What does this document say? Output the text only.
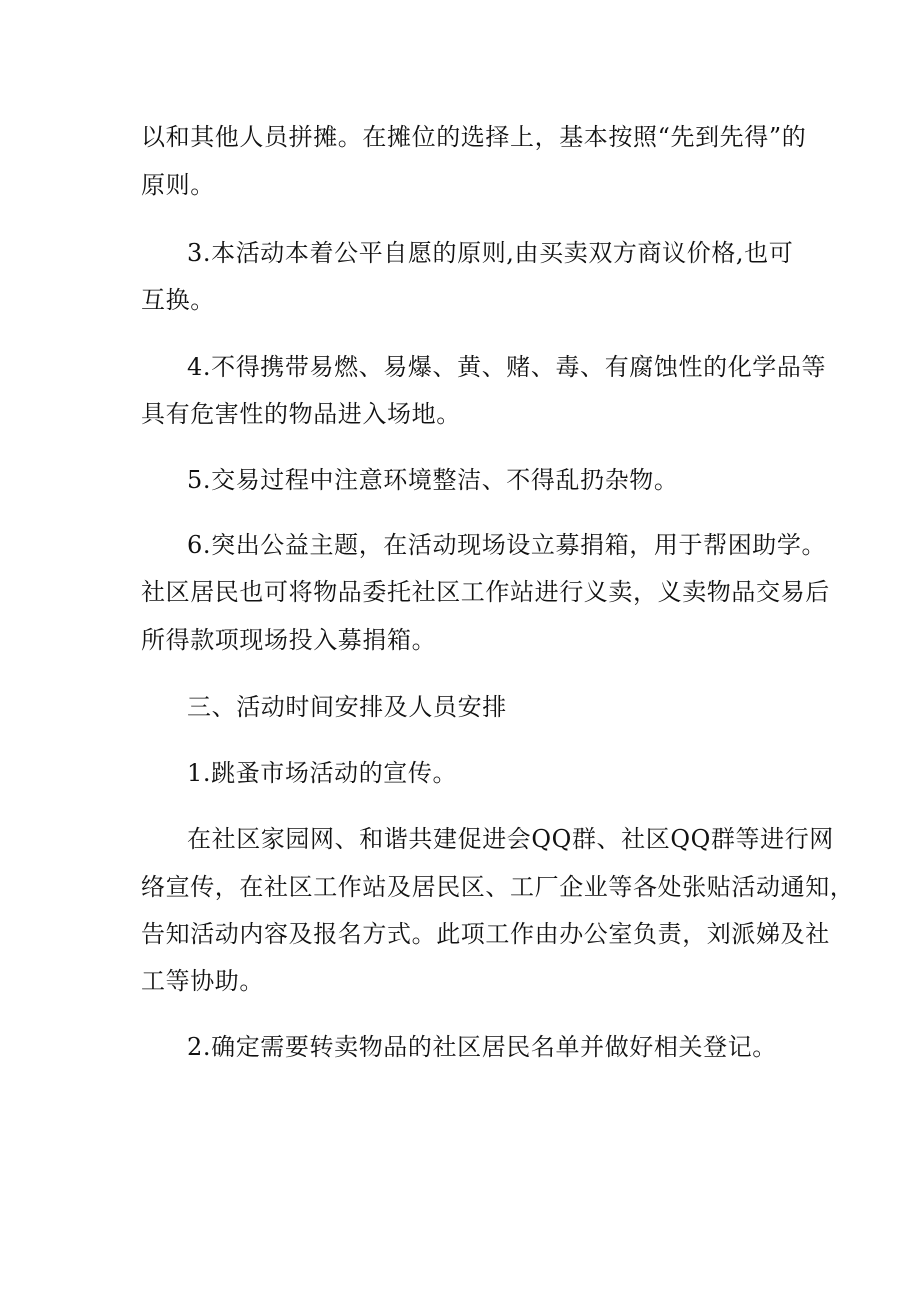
以和其他人员拼摊。在摊位的选择上，基本按照“先到先得”的
原则。
3.本活动本着公平自愿的原则,由买卖双方商议价格,也可
互换。
4.不得携带易燃、易爆、黄、赌、毒、有腐蚀性的化学品等
具有危害性的物品进入场地。
5.交易过程中注意环境整洁、不得乱扔杂物。
6.突出公益主题，在活动现场设立募捐箱，用于帮困助学。
社区居民也可将物品委托社区工作站进行义卖，义卖物品交易后
所得款项现场投入募捐箱。
三、活动时间安排及人员安排
1.跳蚤市场活动的宣传。
在社区家园网、和谐共建促进会QQ群、社区QQ群等进行网
络宣传，在社区工作站及居民区、工厂企业等各处张贴活动通知，
告知活动内容及报名方式。此项工作由办公室负责，刘派娣及社
工等协助。
2.确定需要转卖物品的社区居民名单并做好相关登记。
